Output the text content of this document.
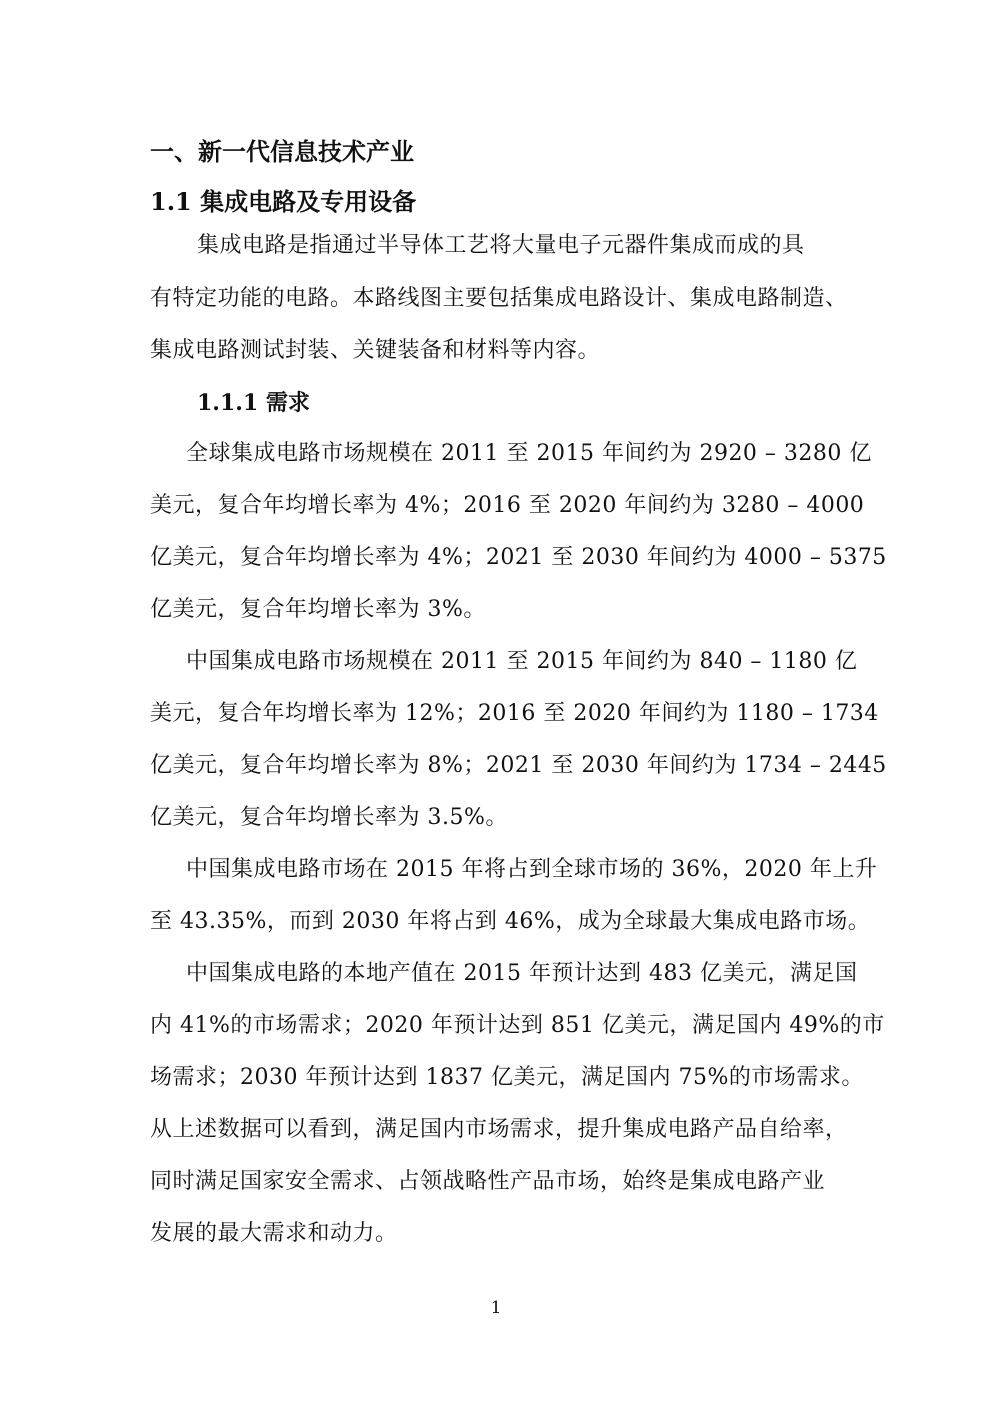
一、新一代信息技术产业
1.1 集成电路及专用设备
集成电路是指通过半导体工艺将大量电子元器件集成而成的具
有特定功能的电路。本路线图主要包括集成电路设计、集成电路制造、
集成电路测试封装、关键装备和材料等内容。
1.1.1 需求
全球集成电路市场规模在 2011 至 2015 年间约为 2920 – 3280 亿
美元，复合年均增长率为 4%；2016 至 2020 年间约为 3280 – 4000
亿美元，复合年均增长率为 4%；2021 至 2030 年间约为 4000 – 5375
亿美元，复合年均增长率为 3%。
中国集成电路市场规模在 2011 至 2015 年间约为 840 – 1180 亿
美元，复合年均增长率为 12%；2016 至 2020 年间约为 1180 – 1734
亿美元，复合年均增长率为 8%；2021 至 2030 年间约为 1734 – 2445
亿美元，复合年均增长率为 3.5%。
中国集成电路市场在 2015 年将占到全球市场的 36%，2020 年上升
至 43.35%，而到 2030 年将占到 46%，成为全球最大集成电路市场。
中国集成电路的本地产值在 2015 年预计达到 483 亿美元，满足国
内 41%的市场需求；2020 年预计达到 851 亿美元，满足国内 49%的市
场需求；2030 年预计达到 1837 亿美元，满足国内 75%的市场需求。
从上述数据可以看到，满足国内市场需求，提升集成电路产品自给率，
同时满足国家安全需求、占领战略性产品市场，始终是集成电路产业
发展的最大需求和动力。
1
